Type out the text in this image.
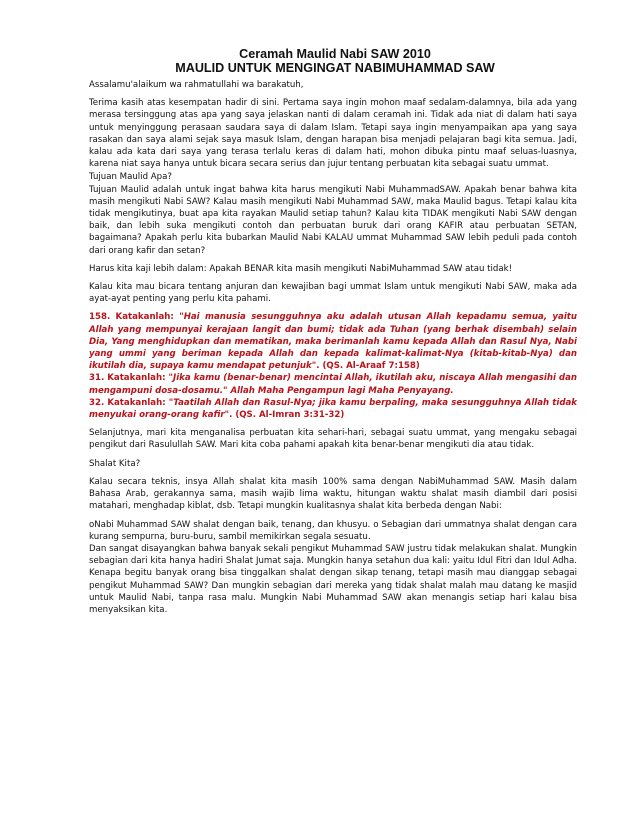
Ceramah Maulid Nabi SAW 2010
MAULID UNTUK MENGINGAT NABIMUHAMMAD SAW

Assalamu'alaikum wa rahmatullahi wa barakatuh,

Terima kasih atas kesempatan hadir di sini. Pertama saya ingin mohon maaf sedalam-dalamnya, bila ada yang merasa tersinggung atas apa yang saya jelaskan nanti di dalam ceramah ini. Tidak ada niat di dalam hati saya untuk menyinggung perasaan saudara saya di dalam Islam. Tetapi saya ingin menyampaikan apa yang saya rasakan dan saya alami sejak saya masuk Islam, dengan harapan bisa menjadi pelajaran bagi kita semua. Jadi, kalau ada kata dari saya yang terasa terlalu keras di dalam hati, mohon dibuka pintu maaf seluas-luasnya, karena niat saya hanya untuk bicara secara serius dan jujur tentang perbuatan kita sebagai suatu ummat.

Tujuan Maulid Apa?

Tujuan Maulid adalah untuk ingat bahwa kita harus mengikuti Nabi MuhammadSAW. Apakah benar bahwa kita masih mengikuti Nabi SAW? Kalau masih mengikuti Nabi Muhammad SAW, maka Maulid bagus. Tetapi kalau kita tidak mengikutinya, buat apa kita rayakan Maulid setiap tahun? Kalau kita TIDAK mengikuti Nabi SAW dengan baik, dan lebih suka mengikuti contoh dan perbuatan buruk dari orang KAFIR atau perbuatan SETAN, bagaimana? Apakah perlu kita bubarkan Maulid Nabi KALAU ummat Muhammad SAW lebih peduli pada contoh dari orang kafir dan setan?

Harus kita kaji lebih dalam: Apakah BENAR kita masih mengikuti NabiMuhammad SAW atau tidak!

Kalau kita mau bicara tentang anjuran dan kewajiban bagi ummat Islam untuk mengikuti Nabi SAW, maka ada ayat-ayat penting yang perlu kita pahami.

158. Katakanlah: "Hai manusia sesungguhnya aku adalah utusan Allah kepadamu semua, yaitu Allah yang mempunyai kerajaan langit dan bumi; tidak ada Tuhan (yang berhak disembah) selain Dia, Yang menghidupkan dan mematikan, maka berimanlah kamu kepada Allah dan Rasul Nya, Nabi yang ummi yang beriman kepada Allah dan kepada kalimat-kalimat-Nya (kitab-kitab-Nya) dan ikutilah dia, supaya kamu mendapat petunjuk". (QS. Al-Araaf 7:158)

31. Katakanlah: "Jika kamu (benar-benar) mencintai Allah, ikutilah aku, niscaya Allah mengasihi dan mengampuni dosa-dosamu." Allah Maha Pengampun lagi Maha Penyayang.

32. Katakanlah: "Taatilah Allah dan Rasul-Nya; jika kamu berpaling, maka sesungguhnya Allah tidak menyukai orang-orang kafir". (QS. Al-Imran 3:31-32)

Selanjutnya, mari kita menganalisa perbuatan kita sehari-hari, sebagai suatu ummat, yang mengaku sebagai pengikut dari Rasulullah SAW. Mari kita coba pahami apakah kita benar-benar mengikuti dia atau tidak.

Shalat Kita?

Kalau secara teknis, insya Allah shalat kita masih 100% sama dengan NabiMuhammad SAW. Masih dalam Bahasa Arab, gerakannya sama, masih wajib lima waktu, hitungan waktu shalat masih diambil dari posisi matahari, menghadap kiblat, dsb. Tetapi mungkin kualitasnya shalat kita berbeda dengan Nabi:

oNabi Muhammad SAW shalat dengan baik, tenang, dan khusyu. o Sebagian dari ummatnya shalat dengan cara kurang sempurna, buru-buru, sambil memikirkan segala sesuatu.

Dan sangat disayangkan bahwa banyak sekali pengikut Muhammad SAW justru tidak melakukan shalat. Mungkin sebagian dari kita hanya hadiri Shalat Jumat saja. Mungkin hanya setahun dua kali: yaitu Idul Fitri dan Idul Adha. Kenapa begitu banyak orang bisa tinggalkan shalat dengan sikap tenang, tetapi masih mau dianggap sebagai pengikut Muhammad SAW? Dan mungkin sebagian dari mereka yang tidak shalat malah mau datang ke masjid untuk Maulid Nabi, tanpa rasa malu. Mungkin Nabi Muhammad SAW akan menangis setiap hari kalau bisa menyaksikan kita.
